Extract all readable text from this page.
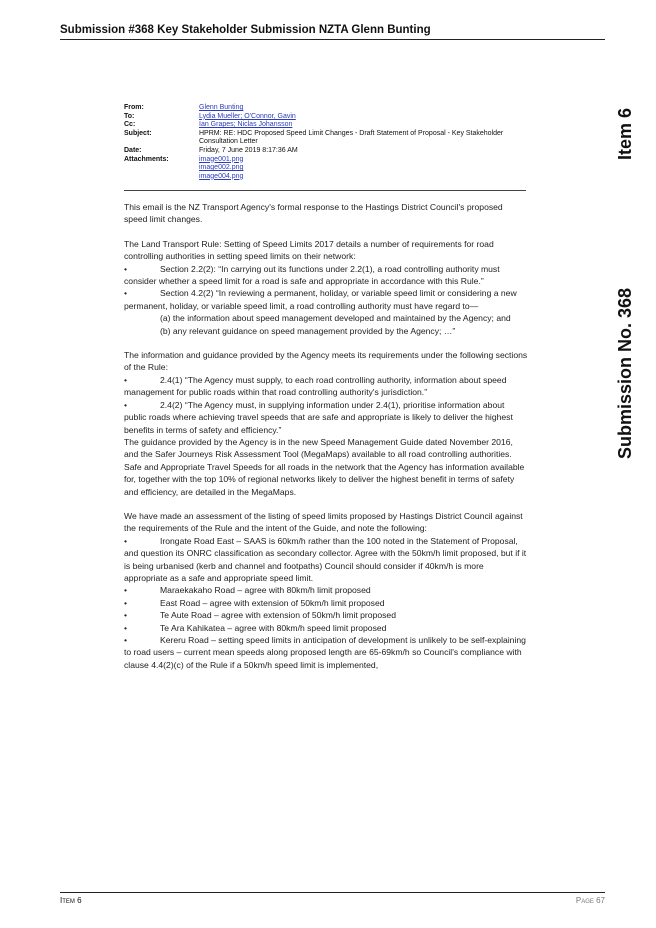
Submission #368 Key Stakeholder Submission NZTA Glenn Bunting
Item 6
Submission No. 368
From:	Glenn Bunting
To:	Lydia Mueller; O'Connor, Gavin
Cc:	Ian Grapes; Niclas Johansson
Subject:	HPRM: RE: HDC Proposed Speed Limit Changes - Draft Statement of Proposal - Key Stakeholder Consultation Letter
Date:	Friday, 7 June 2019 8:17:36 AM
Attachments:	image001.png
image002.png
image004.png

This email is the NZ Transport Agency's formal response to the Hastings District Council's proposed speed limit changes.

The Land Transport Rule: Setting of Speed Limits 2017 details a number of requirements for road controlling authorities in setting speed limits on their network:

•	Section 2.2(2): “In carrying out its functions under 2.2(1), a road controlling authority must consider whether a speed limit for a road is safe and appropriate in accordance with this Rule.”

•	Section 4.2(2) “In reviewing a permanent, holiday, or variable speed limit or considering a new permanent, holiday, or variable speed limit, a road controlling authority must have regard to—

(a) the information about speed management developed and maintained by the Agency; and

(b) any relevant guidance on speed management provided by the Agency; …”

The information and guidance provided by the Agency meets its requirements under the following sections of the Rule:

•	2.4(1) “The Agency must supply, to each road controlling authority, information about speed management for public roads within that road controlling authority's jurisdiction.”

•	2.4(2) “The Agency must, in supplying information under 2.4(1), prioritise information about public roads where achieving travel speeds that are safe and appropriate is likely to deliver the highest benefits in terms of safety and efficiency.”

The guidance provided by the Agency is in the new Speed Management Guide dated November 2016, and the Safer Journeys Risk Assessment Tool (MegaMaps) available to all road controlling authorities. Safe and Appropriate Travel Speeds for all roads in the network that the Agency has information available for, together with the top 10% of regional networks likely to deliver the highest benefit in terms of safety and efficiency, are detailed in the MegaMaps.

We have made an assessment of the listing of speed limits proposed by Hastings District Council against the requirements of the Rule and the intent of the Guide, and note the following:

•	Irongate Road East – SAAS is 60km/h rather than the 100 noted in the Statement of Proposal, and question its ONRC classification as secondary collector. Agree with the 50km/h limit proposed, but if it is being urbanised (kerb and channel and footpaths) Council should consider if 40km/h is more appropriate as a safe and appropriate speed limit.

•	Maraekakaho Road – agree with 80km/h limit proposed

•	East Road – agree with extension of 50km/h limit proposed

•	Te Aute Road – agree with extension of 50km/h limit proposed

•	Te Ara Kahikatea – agree with 80km/h speed limit proposed

•	Kereru Road – setting speed limits in anticipation of development is unlikely to be self-explaining to road users – current mean speeds along proposed length are 65-69km/h so Council's compliance with clause 4.4(2)(c) of the Rule if a 50km/h speed limit is implemented,

Item 6	Page 67
